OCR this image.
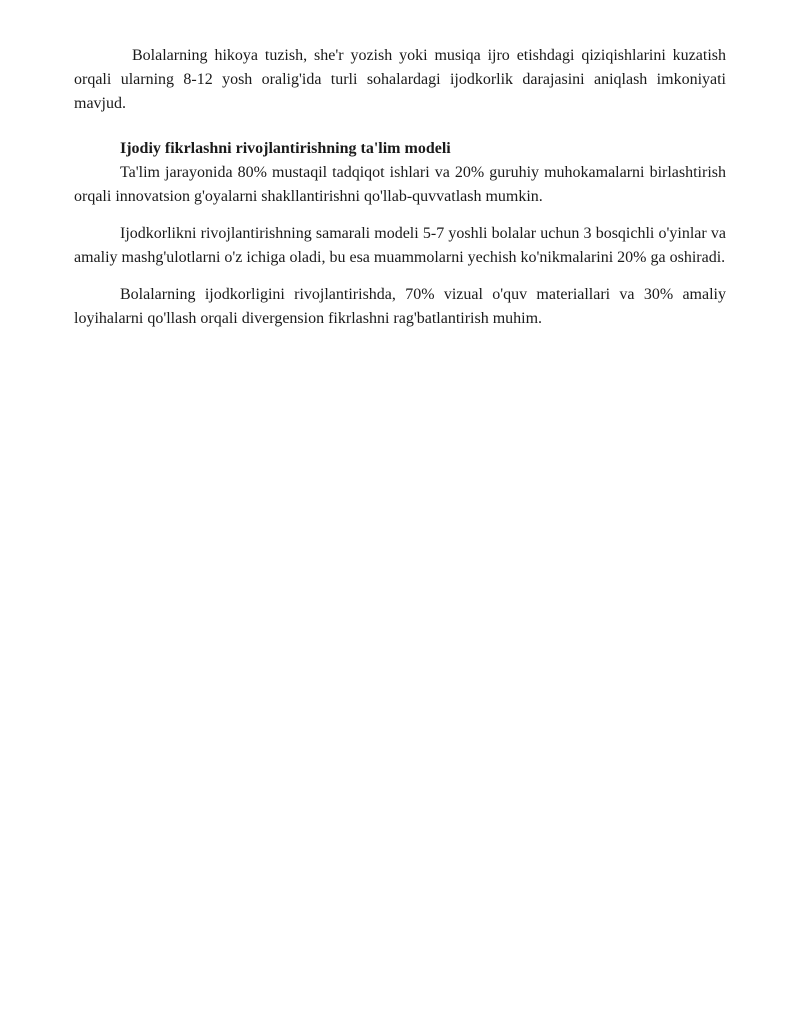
Bolalarning hikoya tuzish, she'r yozish yoki musiqa ijro etishdagi qiziqishlarini kuzatish orqali ularning 8-12 yosh oralig'ida turli sohalardagi ijodkorlik darajasini aniqlash imkoniyati mavjud.

Ijodiy fikrlashni rivojlantirishning ta'lim modeli

Ta'lim jarayonida 80% mustaqil tadqiqot ishlari va 20% guruhiy muhokamalarni birlashtirish orqali innovatsion g'oyalarni shakllantirishni qo'llab-quvvatlash mumkin.

Ijodkorlikni rivojlantirishning samarali modeli 5-7 yoshli bolalar uchun 3 bosqichli o'yinlar va amaliy mashg'ulotlarni o'z ichiga oladi, bu esa muammolarni yechish ko'nikmalarini 20% ga oshiradi.

Bolalarning ijodkorligini rivojlantirishda, 70% vizual o'quv materiallari va 30% amaliy loyihalarni qo'llash orqali divergension fikrlashni rag'batlantirish muhim.
